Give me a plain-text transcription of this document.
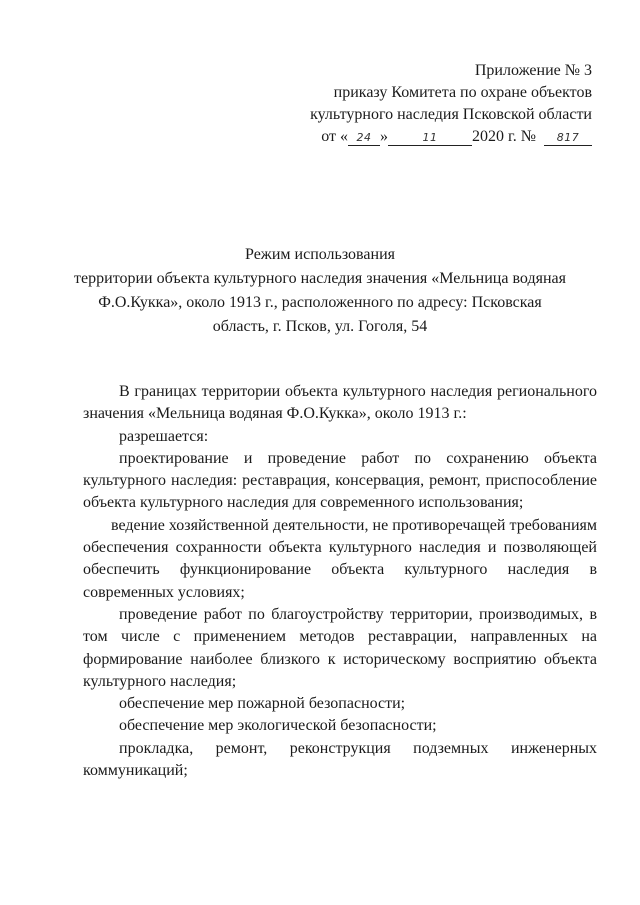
Приложение № 3
приказу Комитета по охране объектов
культурного наследия Псковской области
от « 24 »	11 2020 г. № 817
Режим использования
территории объекта культурного наследия значения «Мельница водяная
Ф.О.Кукка», около 1913 г., расположенного по адресу: Псковская
область, г. Псков, ул. Гоголя, 54

В границах территории объекта культурного наследия регионального значения «Мельница водяная Ф.О.Кукка», около 1913 г.:

разрешается:

проектирование и проведение работ по сохранению объекта культурного наследия: реставрация, консервация, ремонт, приспособление объекта культурного наследия для современного использования;

ведение хозяйственной деятельности, не противоречащей требованиям обеспечения сохранности объекта культурного наследия и позволяющей обеспечить функционирование объекта культурного наследия в современных условиях;

проведение работ по благоустройству территории, производимых, в том числе с применением методов реставрации, направленных на формирование наиболее близкого к историческому восприятию объекта культурного наследия;

обеспечение мер пожарной безопасности;

обеспечение мер экологической безопасности;

прокладка, ремонт, реконструкция подземных инженерных коммуникаций;
